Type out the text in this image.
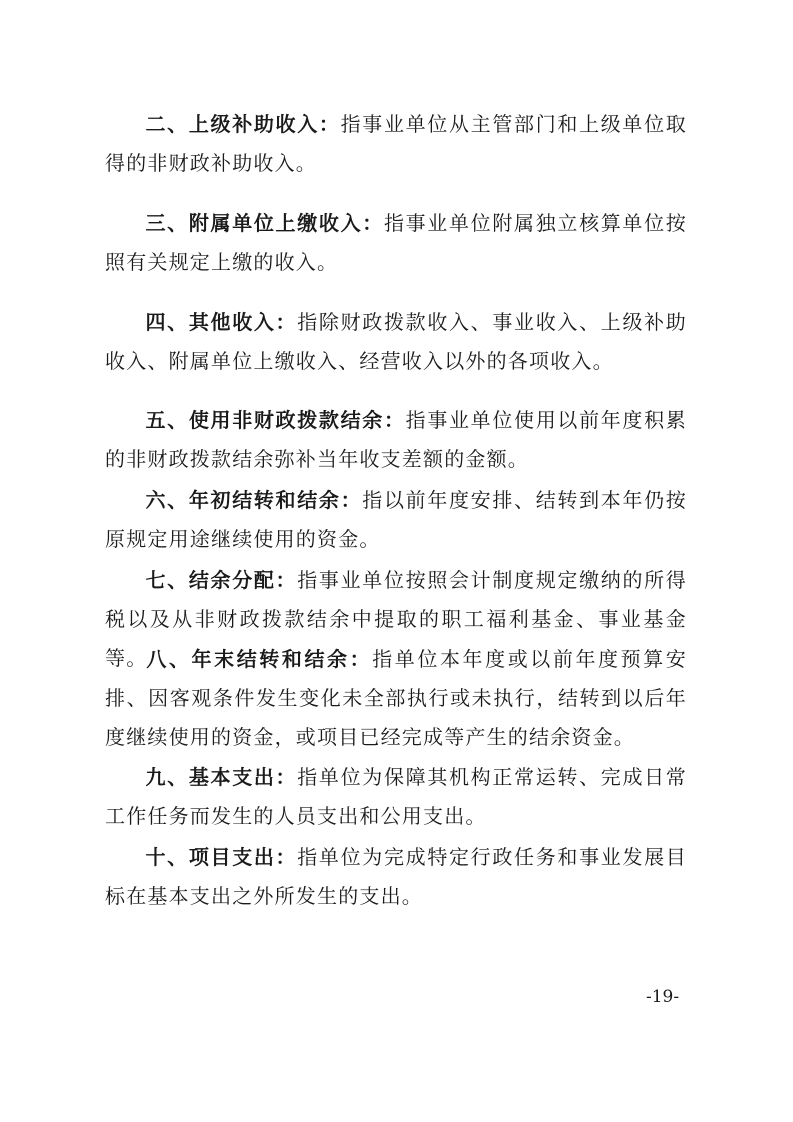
二、上级补助收入：指事业单位从主管部门和上级单位取得的非财政补助收入。

三、附属单位上缴收入：指事业单位附属独立核算单位按照有关规定上缴的收入。

四、其他收入：指除财政拨款收入、事业收入、上级补助收入、附属单位上缴收入、经营收入以外的各项收入。

五、使用非财政拨款结余：指事业单位使用以前年度积累的非财政拨款结余弥补当年收支差额的金额。

六、年初结转和结余：指以前年度安排、结转到本年仍按原规定用途继续使用的资金。

七、结余分配：指事业单位按照会计制度规定缴纳的所得税以及从非财政拨款结余中提取的职工福利基金、事业基金等。

八、年末结转和结余：指单位本年度或以前年度预算安排、因客观条件发生变化未全部执行或未执行，结转到以后年度继续使用的资金，或项目已经完成等产生的结余资金。

九、基本支出：指单位为保障其机构正常运转、完成日常工作任务而发生的人员支出和公用支出。

十、项目支出：指单位为完成特定行政任务和事业发展目标在基本支出之外所发生的支出。

-19-
